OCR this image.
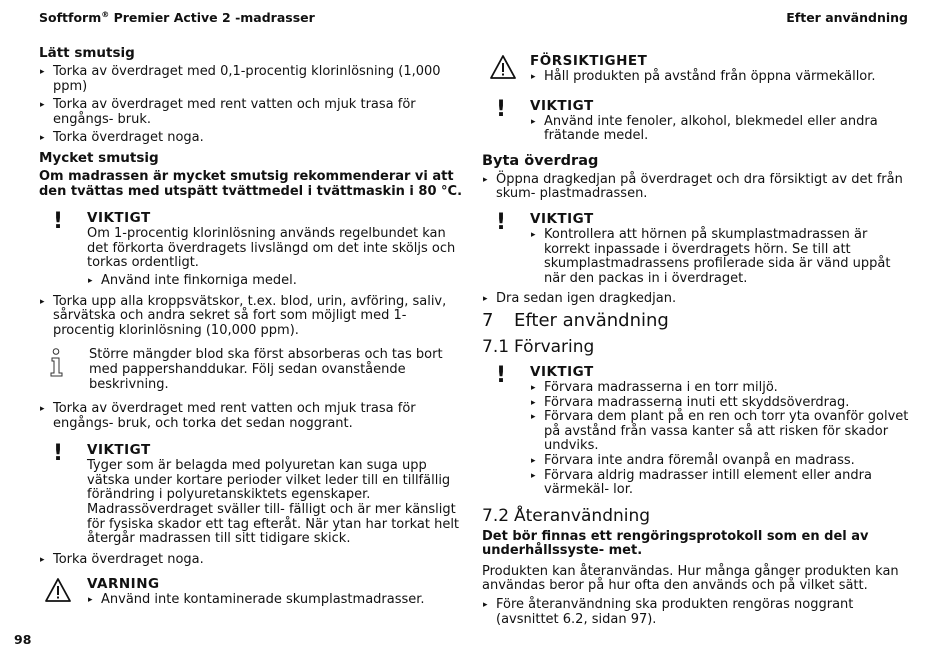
Softform® Premier Active 2 -madrasser	Efter användning
Lätt smutsig
▸ Torka av överdraget med 0,1-procentig klorinlösning (1,000 ppm)
▸ Torka av överdraget med rent vatten och mjuk trasa för engångs- bruk.
▸ Torka överdraget noga.
Mycket smutsig
Om madrassen är mycket smutsig rekommenderar vi att den tvättas med utspätt tvättmedel i tvättmaskin i 80 °C.
!	VIKTIGT
Om 1-procentig klorinlösning används regelbundet kan det förkorta överdragets livslängd om det inte sköljs och torkas ordentligt.
▸ Använd inte finkorniga medel.
▸ Torka upp alla kroppsvätskor, t.ex. blod, urin, avföring, saliv, sårvätska och andra sekret så fort som möjligt med 1-procentig klorinlösning (10,000 ppm).
Större mängder blod ska först absorberas och tas bort med pappershanddukar. Följ sedan ovanstående beskrivning.
▸ Torka av överdraget med rent vatten och mjuk trasa för engångs- bruk, och torka det sedan noggrant.
!	VIKTIGT
Tyger som är belagda med polyuretan kan suga upp vätska under kortare perioder vilket leder till en tillfällig förändring i polyuretanskiktets egenskaper. Madrassöverdraget sväller till- fälligt och är mer känsligt för fysiska skador ett tag efteråt. När ytan har torkat helt återgår madrassen till sitt tidigare skick.
▸ Torka överdraget noga.
VARNING
▸ Använd inte kontaminerade skumplastmadrasser.
FÖRSIKTIGHET
▸ Håll produkten på avstånd från öppna värmekällor.
!	VIKTIGT
▸ Använd inte fenoler, alkohol, blekmedel eller andra frätande medel.
Byta överdrag
▸ Öppna dragkedjan på överdraget och dra försiktigt av det från skum- plastmadrassen.
!	VIKTIGT
▸ Kontrollera att hörnen på skumplastmadrassen är korrekt inpassade i överdragets hörn. Se till att skumplastmadrassens profilerade sida är vänd uppåt när den packas in i överdraget.
▸ Dra sedan igen dragkedjan.
7 Efter användning
7.1 Förvaring
!	VIKTIGT
▸ Förvara madrasserna i en torr miljö.
▸ Förvara madrasserna inuti ett skyddsöverdrag.
▸ Förvara dem plant på en ren och torr yta ovanför golvet på avstånd från vassa kanter så att risken för skador undviks.
▸ Förvara inte andra föremål ovanpå en madrass.
▸ Förvara aldrig madrasser intill element eller andra värmekäl- lor.
7.2 Återanvändning
Det bör finnas ett rengöringsprotokoll som en del av underhållssyste- met.
Produkten kan återanvändas. Hur många gånger produkten kan användas beror på hur ofta den används och på vilket sätt.
▸ Före återanvändning ska produkten rengöras noggrant (avsnittet 6.2, sidan 97).
98
